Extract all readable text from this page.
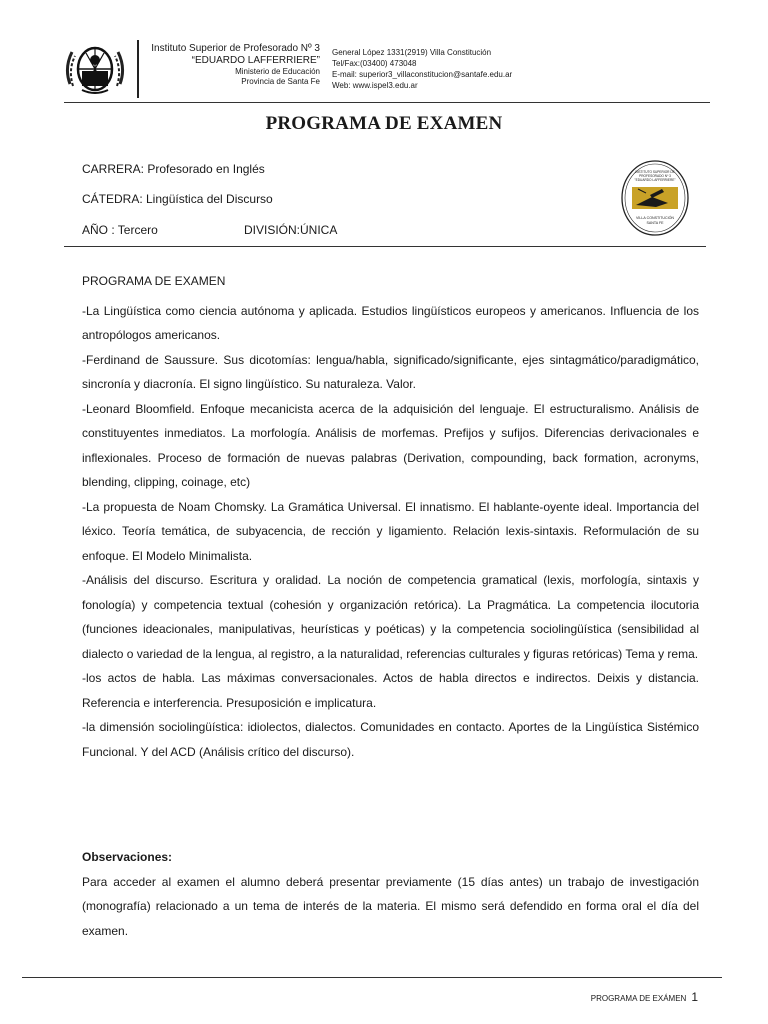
Instituto Superior de Profesorado Nº 3
“EDUARDO LAFFERRIERE”
Ministerio de Educación
Provincia de Santa Fe
General López 1331(2919) Villa Constitución
Tel/Fax:(03400) 473048
E-mail: superior3_villaconstitucion@santafe.edu.ar
Web: www.ispel3.edu.ar
PROGRAMA DE EXAMEN
CARRERA: Profesorado en Inglés
CÁTEDRA: Lingüística del Discurso
AÑO : Tercero	DIVISIÓN:ÚNICA
INSTITUTO SUPERIOR DE
PROFESORADO Nº 3
"EDUARDO LAFFERRIERE"
VILLA CONSTITUCIÓN
SANTA FE

PROGRAMA DE EXAMEN

-La Lingüística como ciencia autónoma y aplicada. Estudios lingüísticos europeos y americanos. Influencia de los antropólogos americanos.

-Ferdinand de Saussure. Sus dicotomías: lengua/habla, significado/significante, ejes sintagmático/paradigmático, sincronía y diacronía. El signo lingüístico. Su naturaleza. Valor.

-Leonard Bloomfield. Enfoque mecanicista acerca de la adquisición del lenguaje. El estructuralismo. Análisis de constituyentes inmediatos. La morfología. Análisis de morfemas. Prefijos y sufijos. Diferencias derivacionales e inflexionales. Proceso de formación de nuevas palabras (Derivation, compounding, back formation, acronyms, blending, clipping, coinage, etc)

-La propuesta de Noam Chomsky. La Gramática Universal. El innatismo. El hablante-oyente ideal. Importancia del léxico. Teoría temática, de subyacencia, de rección y ligamiento. Relación lexis-sintaxis. Reformulación de su enfoque. El Modelo Minimalista.

-Análisis del discurso. Escritura y oralidad. La noción de competencia gramatical (lexis, morfología, sintaxis y fonología) y competencia textual (cohesión y organización retórica). La Pragmática. La competencia ilocutoria (funciones ideacionales, manipulativas, heurísticas y poéticas) y la competencia sociolingüística (sensibilidad al dialecto o variedad de la lengua, al registro, a la naturalidad, referencias culturales y figuras retóricas) Tema y rema.

-los actos de habla. Las máximas conversacionales. Actos de habla directos e indirectos. Deixis y distancia. Referencia e interferencia. Presuposición e implicatura.

-la dimensión sociolingüística: idiolectos, dialectos. Comunidades en contacto. Aportes de la Lingüística Sistémico Funcional. Y del ACD (Análisis crítico del discurso).

Observaciones:

Para acceder al examen el alumno deberá presentar previamente (15 días antes) un trabajo de investigación (monografía) relacionado a un tema de interés de la materia. El mismo será defendido en forma oral el día del examen.

PROGRAMA DE EXÁMEN 1
